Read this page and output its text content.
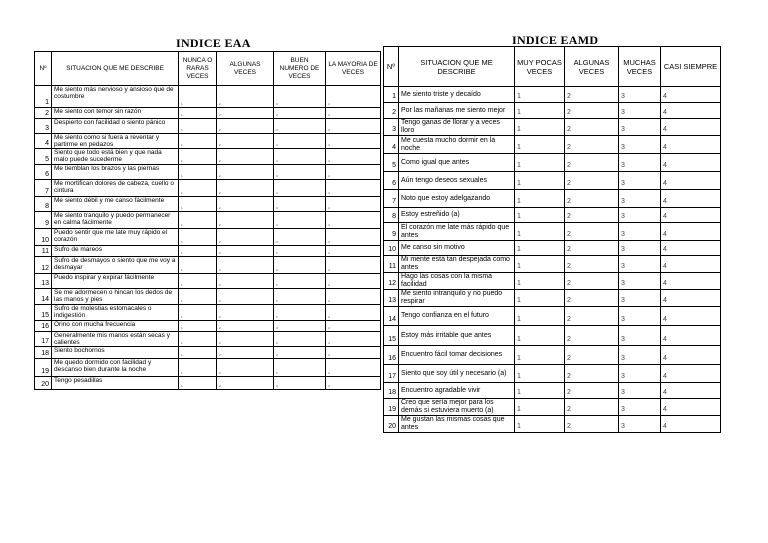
INDICE EAA
Nº	SITUACION QUE ME DESCRIBE	NUNCA O RARAS VECES	ALGUNAS VECES	BUEN NUMERO DE VECES	LA MAYORIA DE VECES
1	Me siento más nervioso y ansioso que de costumbre	1	2	3	4
2	Me siento con temor sin razón	1	2	3	4
3	Despierto con facilidad o siento pánico	1	2	3	4
4	Me siento como si fuera a reventar y partirme en pedazos	1	2	3	4
5	Siento que todo está bien y que nada malo puede sucederme	1	2	3	4
6	Me tiemblan los brazos y las piernas	1	2	3	4
7	Me mortifican dolores de cabeza, cuello o cintura	1	2	3	4
8	Me siento débil y me canso fácilmente	1	2	3	4
9	Me siento tranquilo y puedo permanecer en calma fácilmente	1	2	3	4
10	Puedo sentir que me late muy rápido el corazón	1	2	3	4
11	Sufro de mareos	1	2	3	4
12	Sufro de desmayos o siento que me voy a desmayar	1	2	3	4
13	Puedo inspirar y expirar fácilmente	1	2	3	4
14	Se me adormecen o hincan los dedos de las manos y pies	1	2	3	4
15	Sufro de molestias estomacales o indigestión	1	2	3	4
16	Orino con mucha frecuencia	1	2	3	4
17	Generalmente mis manos están secas y calientes	1	2	3	4
18	Siento bochornos	1	2	3	4
19	Me quedo dormido con facilidad y descanso bien durante la noche	1	2	3	4
20	Tengo pesadillas	1	2	3	4
INDICE EAMD
Nº	SITUACION QUE ME DESCRIBE	MUY POCAS VECES	ALGUNAS VECES	MUCHAS VECES	CASI SIEMPRE
1	Me siento triste y decaído	1	2	3	4
2	Por las mañanas me siento mejor	1	2	3	4
3	Tengo ganas de llorar y a veces lloro	1	2	3	4
4	Me cuesta mucho dormir en la noche	1	2	3	4
5	Como igual que antes	1	2	3	4
6	Aún tengo deseos sexuales	1	2	3	4
7	Noto que estoy adelgazando	1	2	3	4
8	Estoy estreñido (a)	1	2	3	4
9	El corazón me late más rápido que antes	1	2	3	4
10	Me canso sin motivo	1	2	3	4
11	Mi mente está tan despejada como antes	1	2	3	4
12	Hago las cosas con la misma facilidad	1	2	3	4
13	Me siento intranquilo y no puedo respirar	1	2	3	4
14	Tengo confianza en el futuro	1	2	3	4
15	Estoy más irritable que antes	1	2	3	4
16	Encuentro fácil tomar decisiones	1	2	3	4
17	Siento que soy útil y necesario (a)	1	2	3	4
18	Encuentro agradable vivir	1	2	3	4
19	Creo que sería mejor para los demás si estuviera muerto (a)	1	2	3	4
20	Me gustan las mismas cosas que antes	1	2	3	4
